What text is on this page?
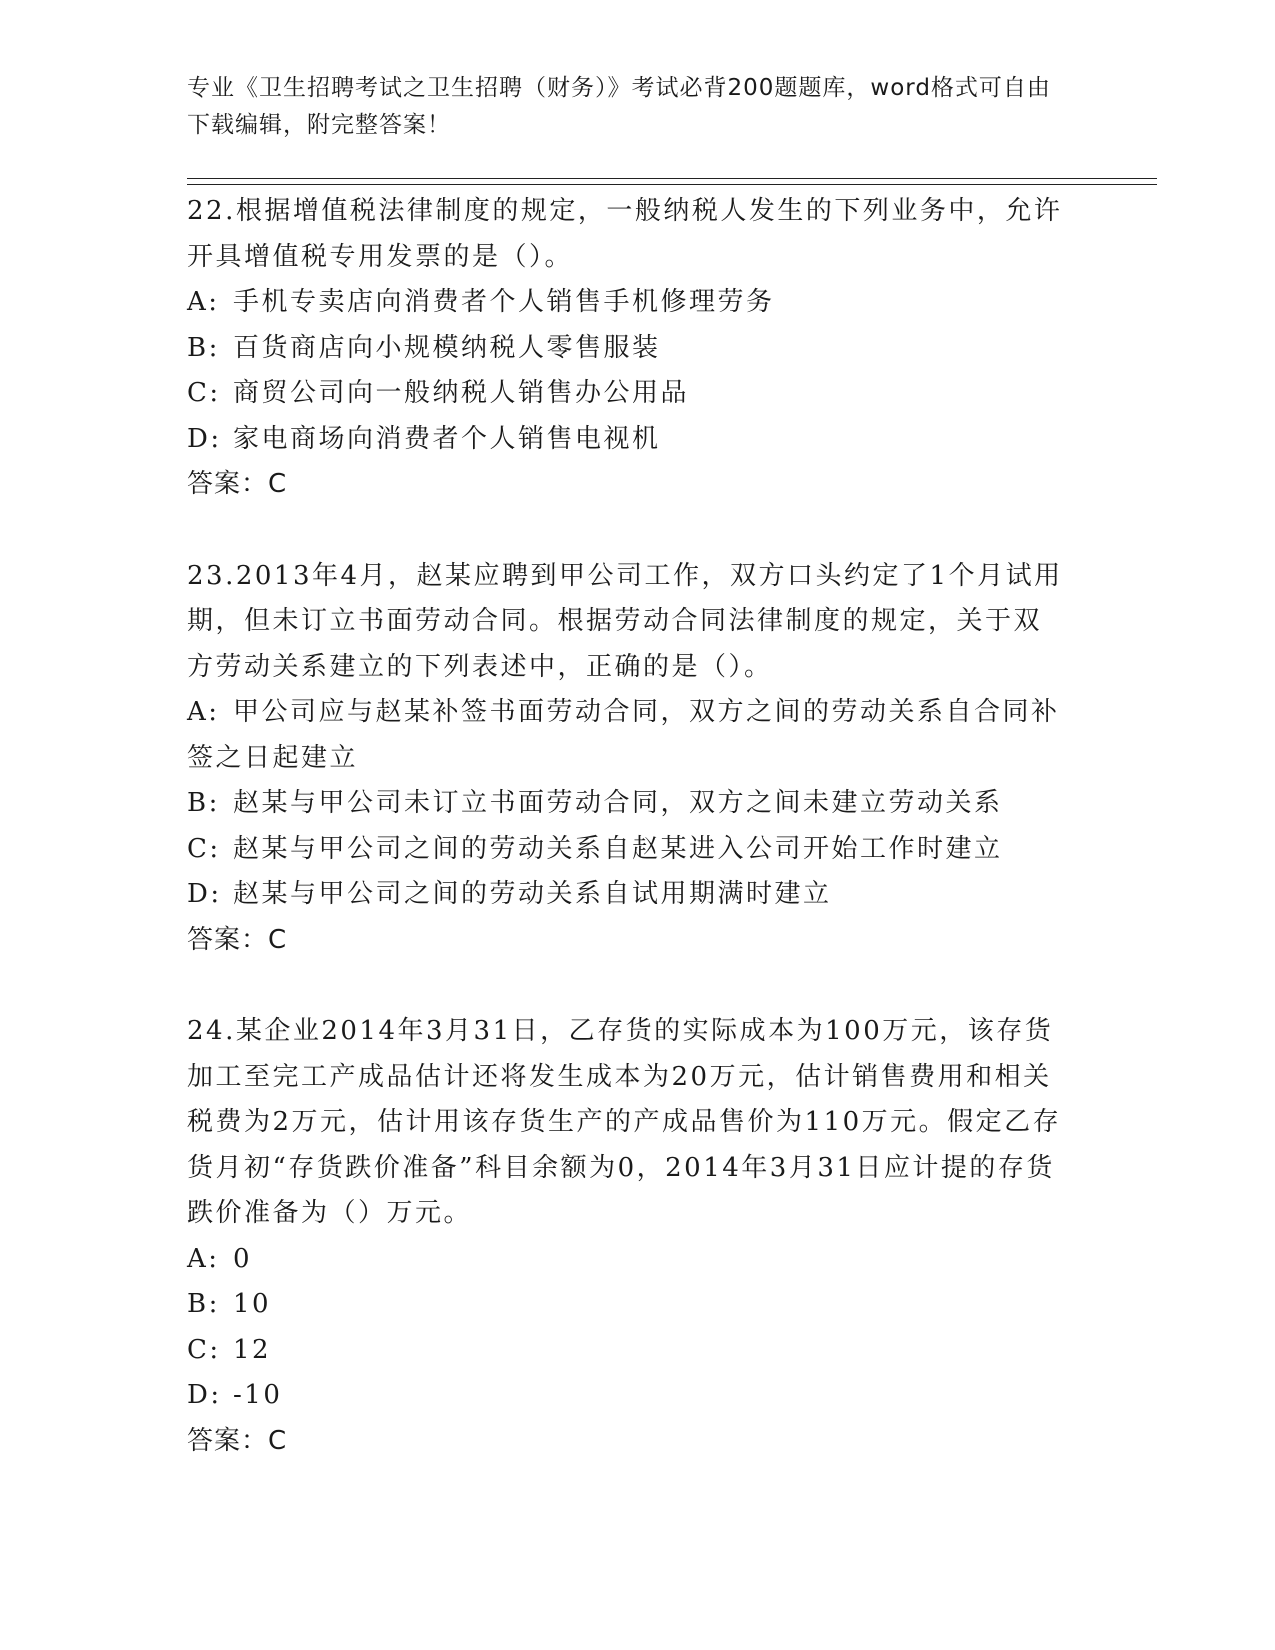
专业《卫生招聘考试之卫生招聘（财务）》考试必背200题题库，word格式可自由下载编辑，附完整答案！

22.根据增值税法律制度的规定，一般纳税人发生的下列业务中，允许开具增值税专用发票的是（）。

A: 手机专卖店向消费者个人销售手机修理劳务

B: 百货商店向小规模纳税人零售服装

C: 商贸公司向一般纳税人销售办公用品

D: 家电商场向消费者个人销售电视机

答案：C

23.2013年4月，赵某应聘到甲公司工作，双方口头约定了1个月试用期，但未订立书面劳动合同。根据劳动合同法律制度的规定，关于双方劳动关系建立的下列表述中，正确的是（）。

A: 甲公司应与赵某补签书面劳动合同，双方之间的劳动关系自合同补签之日起建立

B: 赵某与甲公司未订立书面劳动合同，双方之间未建立劳动关系

C: 赵某与甲公司之间的劳动关系自赵某进入公司开始工作时建立

D: 赵某与甲公司之间的劳动关系自试用期满时建立

答案：C

24.某企业2014年3月31日，乙存货的实际成本为100万元，该存货加工至完工产成品估计还将发生成本为20万元，估计销售费用和相关税费为2万元，估计用该存货生产的产成品售价为110万元。假定乙存货月初“存货跌价准备”科目余额为0，2014年3月31日应计提的存货跌价准备为（）万元。

A: 0

B: 10

C: 12

D: -10

答案：C
